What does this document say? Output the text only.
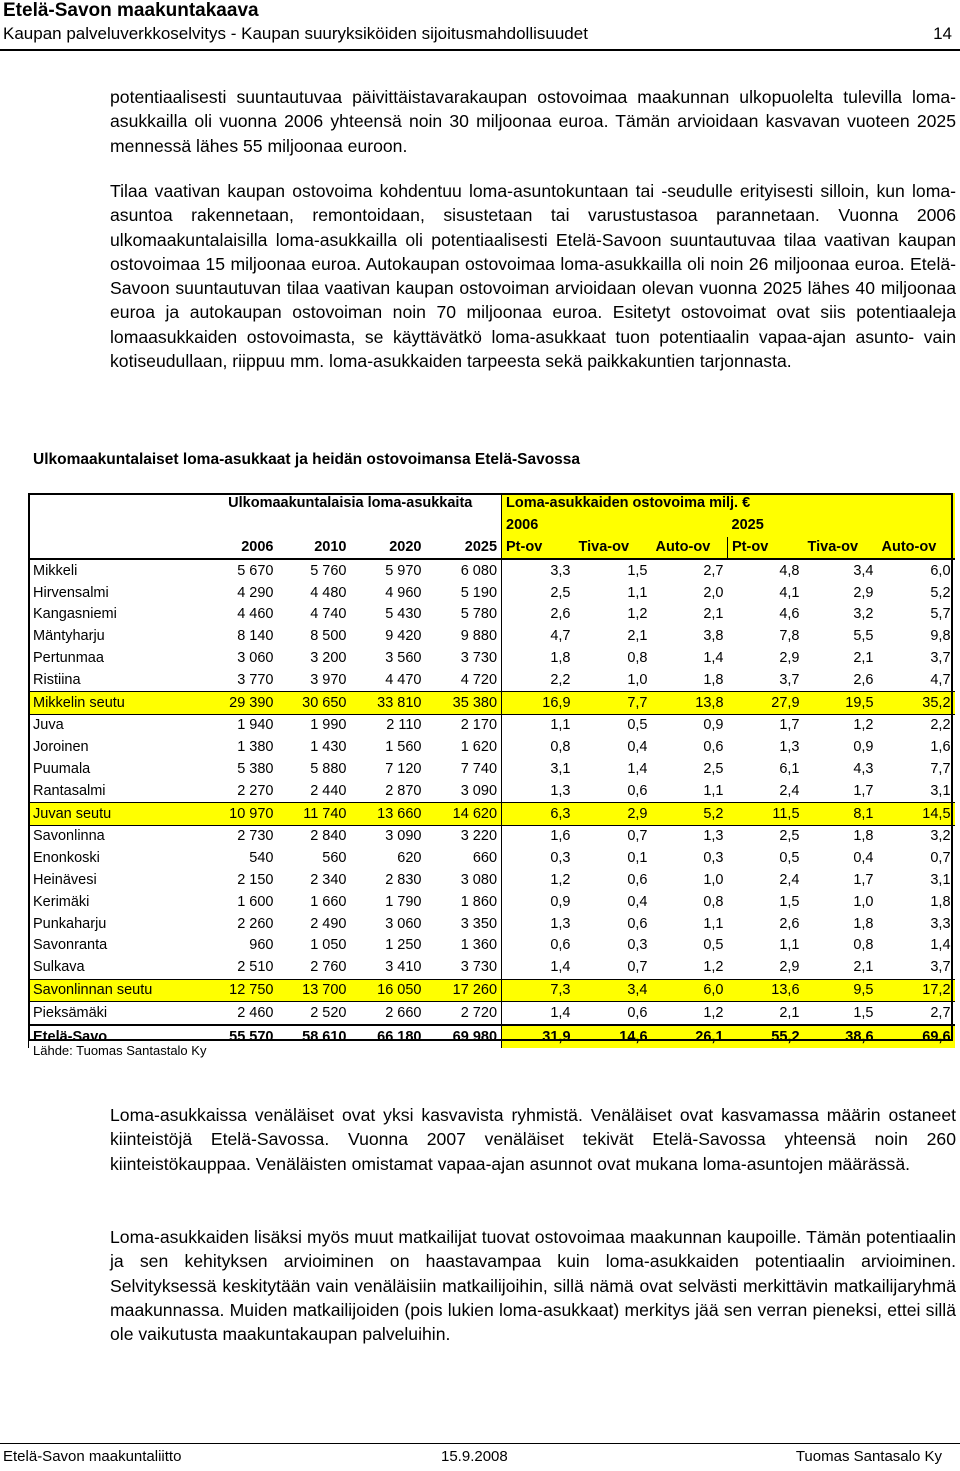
Etelä-Savon maakuntakaava
Kaupan palveluverkkoselvitys - Kaupan suuryksiköiden sijoitusmahdollisuudet	14
potentiaalisesti suuntautuvaa päivittäistavarakaupan ostovoimaa maakunnan ulkopuolelta tulevilla loma-asukkailla oli vuonna 2006 yhteensä noin 30 miljoonaa euroa. Tämän arvioidaan kasvavan vuoteen 2025 mennessä lähes 55 miljoonaa euroon.
Tilaa vaativan kaupan ostovoima kohdentuu loma-asuntokuntaan tai -seudulle erityisesti silloin, kun loma-asuntoa rakennetaan, remontoidaan, sisustetaan tai varustustasoa parannetaan. Vuonna 2006 ulkomaakuntalaisilla loma-asukkailla oli potentiaalisesti Etelä-Savoon suuntautuvaa tilaa vaativan kaupan ostovoimaa 15 miljoonaa euroa. Autokaupan ostovoimaa loma-asukkailla oli noin 26 miljoonaa euroa. Etelä-Savoon suuntautuvan tilaa vaativan kaupan ostovoiman arvioidaan olevan vuonna 2025 lähes 40 miljoonaa euroa ja autokaupan ostovoiman noin 70 miljoonaa euroa. Esitetyt ostovoimat ovat siis potentiaaleja lomaasukkaiden ostovoimasta, se käyttävätkö loma-asukkaat tuon potentiaalin vapaa-ajan asunto- vain kotiseudullaan, riippuu mm. loma-asukkaiden tarpeesta sekä paikkakuntien tarjonnasta.
Ulkomaakuntalaiset loma-asukkaat ja heidän ostovoimansa Etelä-Savossa
	Ulkomaakuntalaisia loma-asukkaita				Loma-asukkaiden ostovoima milj. €					
					2006			2025		
	2006	2010	2020	2025	Pt-ov	Tiva-ov	Auto-ov	Pt-ov	Tiva-ov	Auto-ov
Mikkeli	5 670	5 760	5 970	6 080	3,3	1,5	2,7	4,8	3,4	6,0
Hirvensalmi	4 290	4 480	4 960	5 190	2,5	1,1	2,0	4,1	2,9	5,2
Kangasniemi	4 460	4 740	5 430	5 780	2,6	1,2	2,1	4,6	3,2	5,7
Mäntyharju	8 140	8 500	9 420	9 880	4,7	2,1	3,8	7,8	5,5	9,8
Pertunmaa	3 060	3 200	3 560	3 730	1,8	0,8	1,4	2,9	2,1	3,7
Ristiina	3 770	3 970	4 470	4 720	2,2	1,0	1,8	3,7	2,6	4,7
Mikkelin seutu	29 390	30 650	33 810	35 380	16,9	7,7	13,8	27,9	19,5	35,2
Juva	1 940	1 990	2 110	2 170	1,1	0,5	0,9	1,7	1,2	2,2
Joroinen	1 380	1 430	1 560	1 620	0,8	0,4	0,6	1,3	0,9	1,6
Puumala	5 380	5 880	7 120	7 740	3,1	1,4	2,5	6,1	4,3	7,7
Rantasalmi	2 270	2 440	2 870	3 090	1,3	0,6	1,1	2,4	1,7	3,1
Juvan seutu	10 970	11 740	13 660	14 620	6,3	2,9	5,2	11,5	8,1	14,5
Savonlinna	2 730	2 840	3 090	3 220	1,6	0,7	1,3	2,5	1,8	3,2
Enonkoski	540	560	620	660	0,3	0,1	0,3	0,5	0,4	0,7
Heinävesi	2 150	2 340	2 830	3 080	1,2	0,6	1,0	2,4	1,7	3,1
Kerimäki	1 600	1 660	1 790	1 860	0,9	0,4	0,8	1,5	1,0	1,8
Punkaharju	2 260	2 490	3 060	3 350	1,3	0,6	1,1	2,6	1,8	3,3
Savonranta	960	1 050	1 250	1 360	0,6	0,3	0,5	1,1	0,8	1,4
Sulkava	2 510	2 760	3 410	3 730	1,4	0,7	1,2	2,9	2,1	3,7
Savonlinnan seutu	12 750	13 700	16 050	17 260	7,3	3,4	6,0	13,6	9,5	17,2
Pieksämäki	2 460	2 520	2 660	2 720	1,4	0,6	1,2	2,1	1,5	2,7
Etelä-Savo	55 570	58 610	66 180	69 980	31,9	14,6	26,1	55,2	38,6	69,6
Lähde: Tuomas Santastalo Ky
Loma-asukkaissa venäläiset ovat yksi kasvavista ryhmistä. Venäläiset ovat kasvamassa määrin ostaneet kiinteistöjä Etelä-Savossa. Vuonna 2007 venäläiset tekivät Etelä-Savossa yhteensä noin 260 kiinteistökauppaa. Venäläisten omistamat vapaa-ajan asunnot ovat mukana loma-asuntojen määrässä.
Loma-asukkaiden lisäksi myös muut matkailijat tuovat ostovoimaa maakunnan kaupoille. Tämän potentiaalin ja sen kehityksen arvioiminen on haastavampaa kuin loma-asukkaiden potentiaalin arvioiminen. Selvityksessä keskitytään vain venäläisiin matkailijoihin, sillä nämä ovat selvästi merkittävin matkailijaryhmä maakunnassa. Muiden matkailijoiden (pois lukien loma-asukkaat) merkitys jää sen verran pieneksi, ettei sillä ole vaikutusta maakuntakaupan palveluihin.
Etelä-Savon maakuntaliitto	15.9.2008	Tuomas Santasalo Ky
